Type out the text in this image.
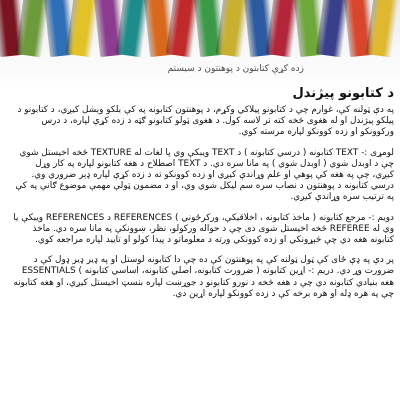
زده کړې کتابتون د پوهنتون د سیستم
د کتابونو پیژندل

په دې ټولنه کې، غوارم چې د کتابونو پیلاکي وکړم، د پوهنتون کتابونه په کې بلکو وېشل کیږي، د کتابونو د پیلکو پیژندل او له هغوی څخه کته تر لاسه کول. د هغوی ټولو کتابونو ګټه د زده کړې لپاره، د درس ورکوونکو او زده کوونکو لپاره مرسته کوي.

لومړی :- TEXT کتابونه ( درسي کتابونه ) د TEXT ویبکې وي پا لغات له TEXTURE څخه اخیستل شوي چې د اوبدل شوي ( اوبدل شوي ) په مانا سره دي. د TEXT اصطلاح د هغه کتابونو لپاره په کار وړل کیږي، چې په هغه کې پوهې او علم وړاندې کیږي او زده کوونکو ته د زده کړې لپاره ډېر ضروري وي. درسي کتابونه د پوهنتون د نصاب سره سم لیکل شوي وي، او د مضمون ټولې مهمې موضوع ګانې په کې په ترتیب سره وړاندې کیږي.

دویم :- مرجع کتابونه ( ماخذ کتابونه ، اخلاقیکې، ورکرځوني ) REFERENCES د REFERENCES ویبکې یا وي له REFEREE څخه اخیستل شوی دی چې د حواله ورکولو، نظر، ښوونکې په مانا سره دي. ماخذ کتابونه هغه دي چې څېړونکي او زده کوونکي ورته د معلوماتو د پیدا کولو او تایید لپاره مراجعه کوي.

پر دې په ډې ځای کې ټول ټولنه کې په پوهنتون کې ده چې دا کتابونه لوستل او په ډیر ډیر ډول کې د ضرورت وړ دي. دریم :- اړین کتابونه ( ضرورت کتابونه، اصلي کتابونه، اساسي کتابونه ) ESSENTIALS هغه بنیادي کتابونه دي چې د هغه څخه د نورو کتابونو د جوړښت لپاره بنسټ اخیستل کیږي، او هغه کتابونه چې په هره ډله او هره برخه کې د زده کوونکو لپاره اړین دي.
